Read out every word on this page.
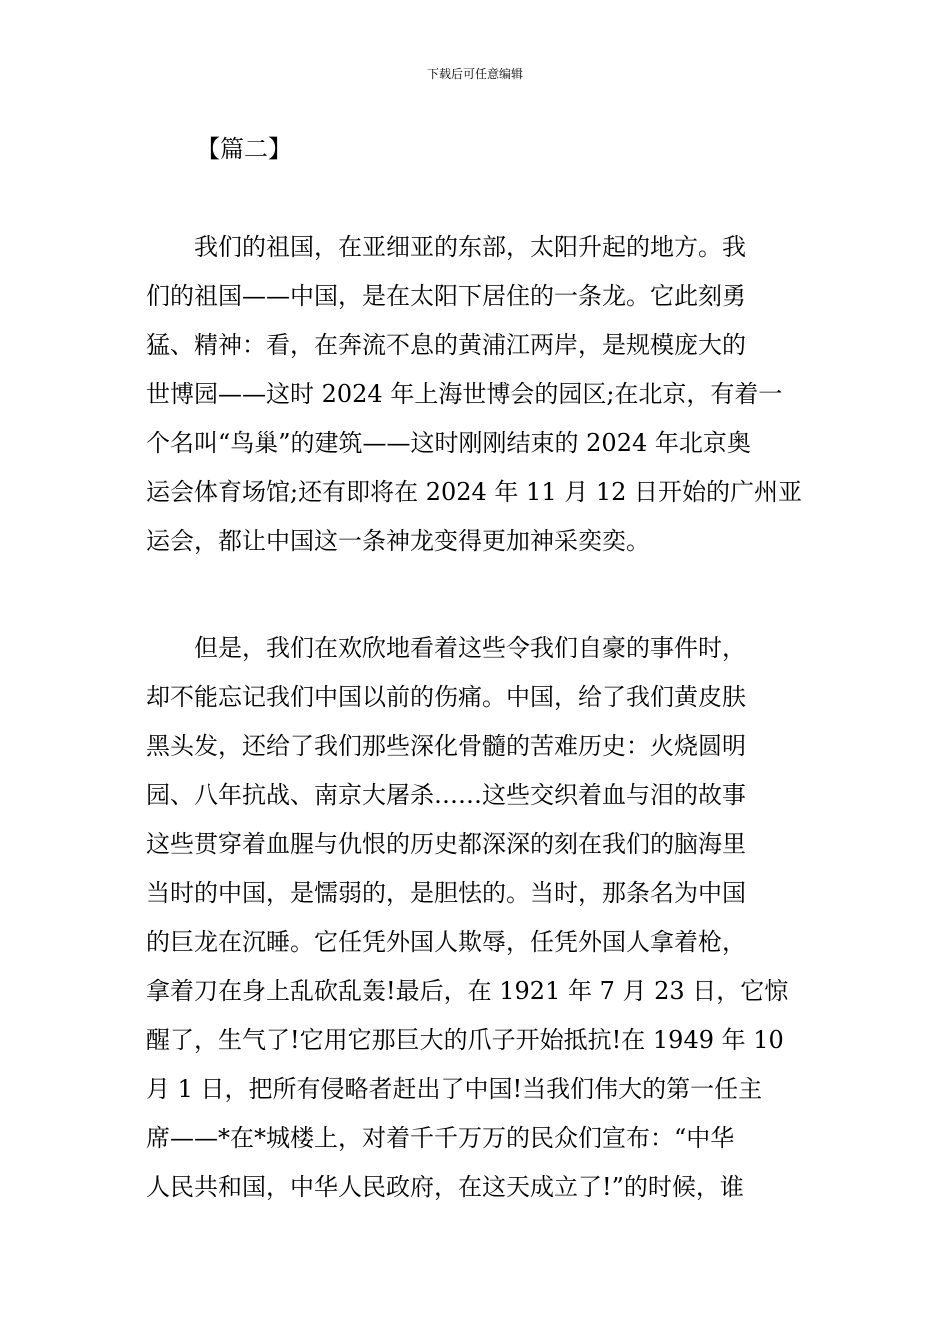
下载后可任意编辑
【篇二】
　　我们的祖国，在亚细亚的东部，太阳升起的地方。我
们的祖国——中国，是在太阳下居住的一条龙。它此刻勇
猛、精神：看，在奔流不息的黄浦江两岸，是规模庞大的
世博园——这时 2024 年上海世博会的园区;在北京，有着一
个名叫“鸟巢”的建筑——这时刚刚结束的 2024 年北京奥
运会体育场馆;还有即将在 2024 年 11 月 12 日开始的广州亚
运会，都让中国这一条神龙变得更加神采奕奕。
　　但是，我们在欢欣地看着这些令我们自豪的事件时，
却不能忘记我们中国以前的伤痛。中国，给了我们黄皮肤
黑头发，还给了我们那些深化骨髓的苦难历史：火烧圆明
园、八年抗战、南京大屠杀……这些交织着血与泪的故事
这些贯穿着血腥与仇恨的历史都深深的刻在我们的脑海里
当时的中国，是懦弱的，是胆怯的。当时，那条名为中国
的巨龙在沉睡。它任凭外国人欺辱，任凭外国人拿着枪，
拿着刀在身上乱砍乱轰!最后，在 1921 年 7 月 23 日，它惊
醒了，生气了!它用它那巨大的爪子开始抵抗!在 1949 年 10
月 1 日，把所有侵略者赶出了中国!当我们伟大的第一任主
席——*在*城楼上，对着千千万万的民众们宣布：“中华
人民共和国，中华人民政府，在这天成立了!”的时候，谁
